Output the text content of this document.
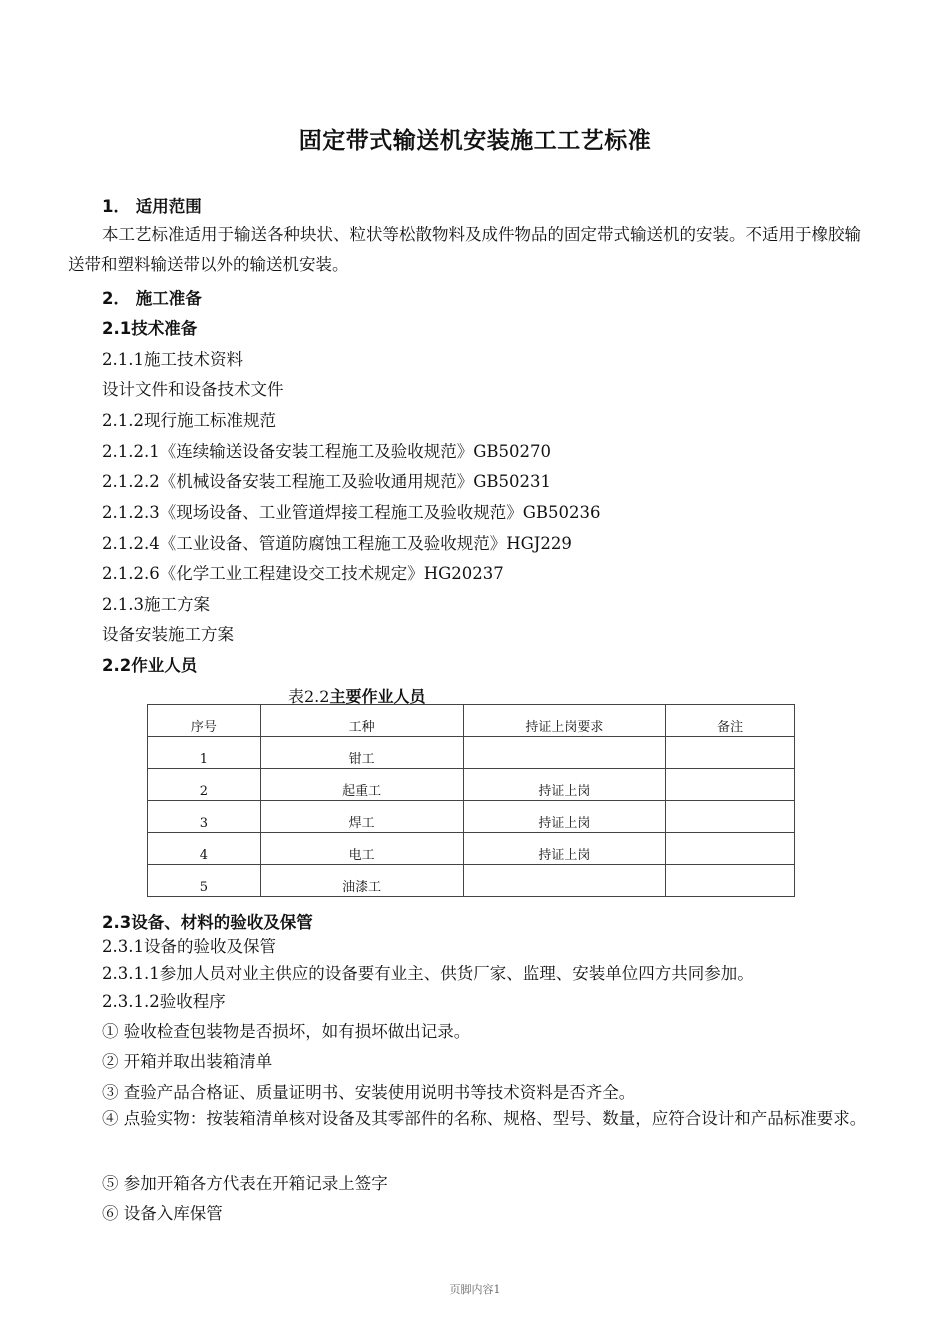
固定带式输送机安装施工工艺标准
1． 适用范围
本工艺标准适用于输送各种块状、粒状等松散物料及成件物品的固定带式输送机的安装。不适用于橡胶输送带和塑料输送带以外的输送机安装。
2． 施工准备
2.1技术准备
2.1.1施工技术资料
设计文件和设备技术文件
2.1.2现行施工标准规范
2.1.2.1《连续输送设备安装工程施工及验收规范》GB50270
2.1.2.2《机械设备安装工程施工及验收通用规范》GB50231
2.1.2.3《现场设备、工业管道焊接工程施工及验收规范》GB50236
2.1.2.4《工业设备、管道防腐蚀工程施工及验收规范》HGJ229
2.1.2.6《化学工业工程建设交工技术规定》HG20237
2.1.3施工方案
设备安装施工方案
2.2作业人员
表2.2主要作业人员
序号	工种	持证上岗要求	备注
1	钳工		
2	起重工	持证上岗	
3	焊工	持证上岗	
4	电工	持证上岗	
5	油漆工		
2.3设备、材料的验收及保管
2.3.1设备的验收及保管
2.3.1.1参加人员对业主供应的设备要有业主、供货厂家、监理、安装单位四方共同参加。
2.3.1.2验收程序
① 验收检查包装物是否损坏，如有损坏做出记录。
② 开箱并取出装箱清单
③ 查验产品合格证、质量证明书、安装使用说明书等技术资料是否齐全。
④ 点验实物：按装箱清单核对设备及其零部件的名称、规格、型号、数量，应符合设计和产品标准要求。
⑤ 参加开箱各方代表在开箱记录上签字
⑥ 设备入库保管
页脚内容1
